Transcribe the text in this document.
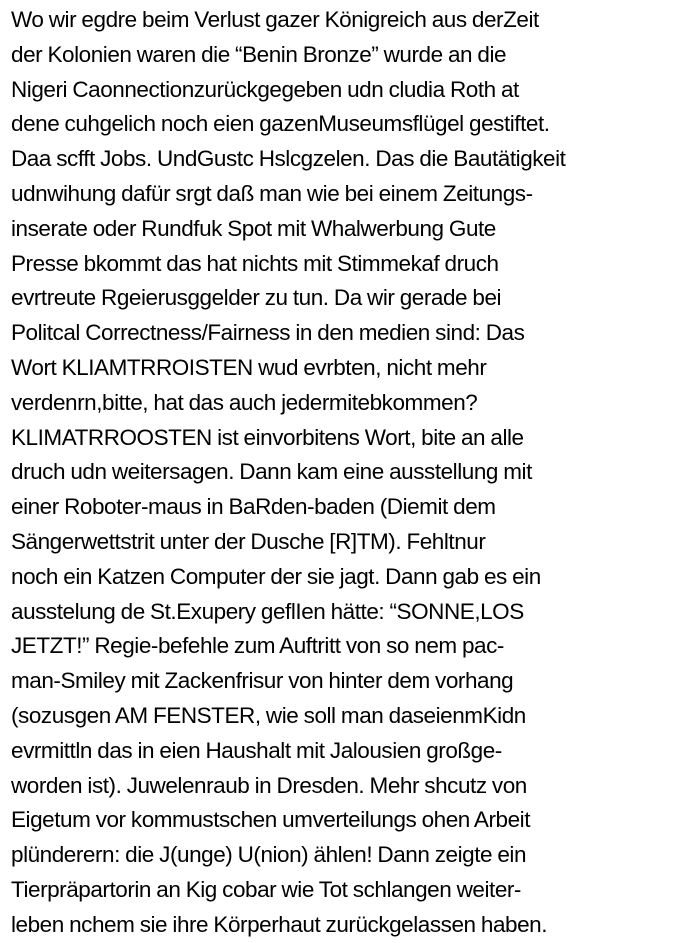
Wo wir egdre beim Verlust gazer Königreich aus derZeit
der Kolonien waren die “Benin Bronze” wurde an die
Nigeri Caonnectionzurückgegeben udn cludia Roth at
dene cuhgelich noch eien gazenMuseumsflügel gestiftet.
Daa scfft Jobs. UndGustc Hslcgzelen. Das die Bautätigkeit
udnwihung dafür srgt daß man wie bei einem Zeitungs-
inserate oder Rundfuk Spot mit Whalwerbung Gute
Presse bkommt das hat nichts mit Stimmekaf druch
evrtreute Rgeierusggelder zu tun. Da wir gerade bei
Politcal Correctness/Fairness in den medien sind: Das
Wort KLIAMTRROISTEN wud evrbten, nicht mehr
verdenrn,bitte, hat das auch jedermitebkommen?
KLIMATRROOSTEN ist einvorbitens Wort, bite an alle
druch udn weitersagen. Dann kam eine ausstellung mit
einer Roboter-maus in BaRden-baden (Diemit dem
Sängerwettstrit unter der Dusche [R]TM). Fehltnur
noch ein Katzen Computer der sie jagt. Dann gab es ein
ausstelung de St.Exupery geflIen hätte: “SONNE,LOS
JETZT!” Regie-befehle zum Auftritt von so nem pac-
man-Smiley mit Zackenfrisur von hinter dem vorhang
(sozusgen AM FENSTER, wie soll man daseienmKidn
evrmittln das in eien Haushalt mit Jalousien großge-
worden ist). Juwelenraub in Dresden. Mehr shcutz von
Eigetum vor kommustschen umverteilungs ohen Arbeit
plünderern: die J(unge) U(nion) ählen! Dann zeigte ein
Tierpräpartorin an Kig cobar wie Tot schlangen weiter-
leben nchem sie ihre Körperhaut zurückgelassen haben.
